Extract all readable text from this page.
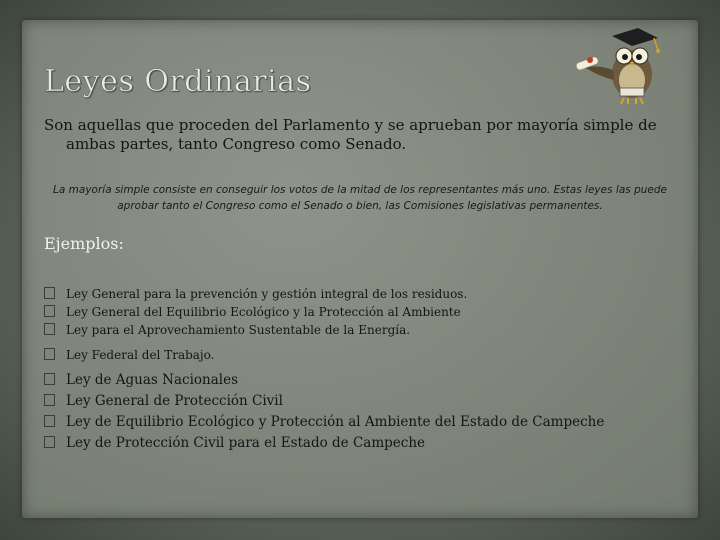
Leyes Ordinarias
Son aquellas que proceden del Parlamento y se aprueban por mayoría simple de ambas partes, tanto Congreso como Senado.
La mayoría simple consiste en conseguir los votos de la mitad de los representantes más uno. Estas leyes las puede aprobar tanto el Congreso como el Senado o bien, las Comisiones legislativas permanentes.
Ejemplos:
Ley General para la prevención y gestión integral de los residuos.
Ley General del Equilibrio Ecológico y la Protección al Ambiente
Ley para el Aprovechamiento Sustentable de la Energía.
Ley Federal del Trabajo.
Ley de Aguas Nacionales
Ley General de Protección Civil
Ley de Equilibrio Ecológico y Protección al Ambiente del Estado de Campeche
Ley de Protección Civil para el Estado de Campeche
